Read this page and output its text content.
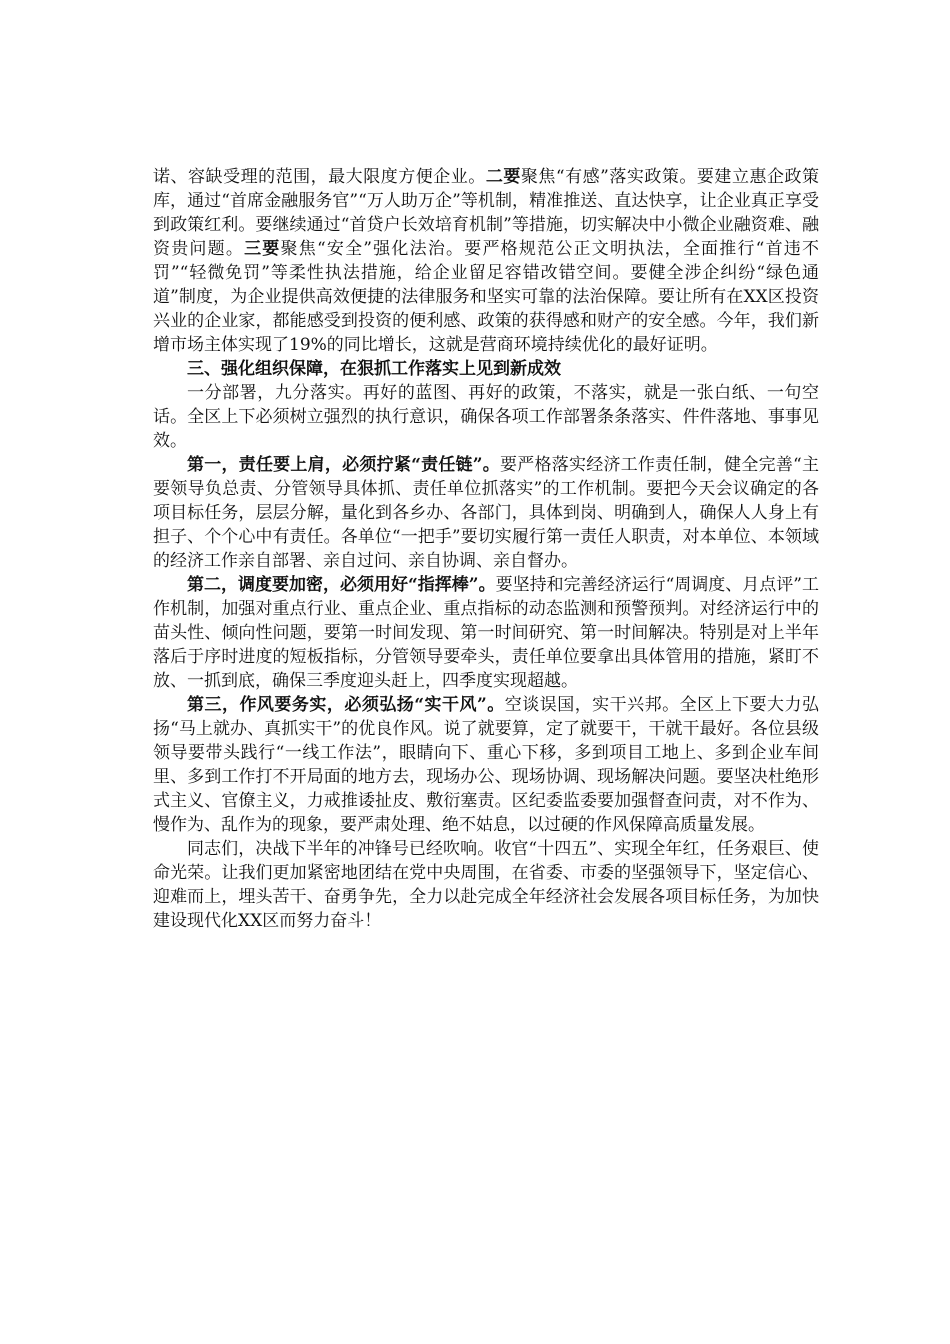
诺、容缺受理的范围，最大限度方便企业。二要聚焦“有感”落实政策。要建立惠企政策库，通过“首席金融服务官”“万人助万企”等机制，精准推送、直达快享，让企业真正享受到政策红利。要继续通过“首贷户长效培育机制”等措施，切实解决中小微企业融资难、融资贵问题。三要聚焦“安全”强化法治。要严格规范公正文明执法，全面推行“首违不罚”“轻微免罚”等柔性执法措施，给企业留足容错改错空间。要健全涉企纠纷“绿色通道”制度，为企业提供高效便捷的法律服务和坚实可靠的法治保障。要让所有在XX区投资兴业的企业家，都能感受到投资的便利感、政策的获得感和财产的安全感。今年，我们新增市场主体实现了19%的同比增长，这就是营商环境持续优化的最好证明。

三、强化组织保障，在狠抓工作落实上见到新成效

一分部署，九分落实。再好的蓝图、再好的政策，不落实，就是一张白纸、一句空话。全区上下必须树立强烈的执行意识，确保各项工作部署条条落实、件件落地、事事见效。

第一，责任要上肩，必须拧紧“责任链”。要严格落实经济工作责任制，健全完善“主要领导负总责、分管领导具体抓、责任单位抓落实”的工作机制。要把今天会议确定的各项目标任务，层层分解，量化到各乡办、各部门，具体到岗、明确到人，确保人人身上有担子、个个心中有责任。各单位“一把手”要切实履行第一责任人职责，对本单位、本领域的经济工作亲自部署、亲自过问、亲自协调、亲自督办。

第二，调度要加密，必须用好“指挥棒”。要坚持和完善经济运行“周调度、月点评”工作机制，加强对重点行业、重点企业、重点指标的动态监测和预警预判。对经济运行中的苗头性、倾向性问题，要第一时间发现、第一时间研究、第一时间解决。特别是对上半年落后于序时进度的短板指标，分管领导要牵头，责任单位要拿出具体管用的措施，紧盯不放、一抓到底，确保三季度迎头赶上，四季度实现超越。

第三，作风要务实，必须弘扬“实干风”。空谈误国，实干兴邦。全区上下要大力弘扬“马上就办、真抓实干”的优良作风。说了就要算，定了就要干，干就干最好。各位县级领导要带头践行“一线工作法”，眼睛向下、重心下移，多到项目工地上、多到企业车间里、多到工作打不开局面的地方去，现场办公、现场协调、现场解决问题。要坚决杜绝形式主义、官僚主义，力戒推诿扯皮、敷衍塞责。区纪委监委要加强督查问责，对不作为、慢作为、乱作为的现象，要严肃处理、绝不姑息，以过硬的作风保障高质量发展。

同志们，决战下半年的冲锋号已经吹响。收官“十四五”、实现全年红，任务艰巨、使命光荣。让我们更加紧密地团结在党中央周围，在省委、市委的坚强领导下，坚定信心、迎难而上，埋头苦干、奋勇争先，全力以赴完成全年经济社会发展各项目标任务，为加快建设现代化XX区而努力奋斗！
